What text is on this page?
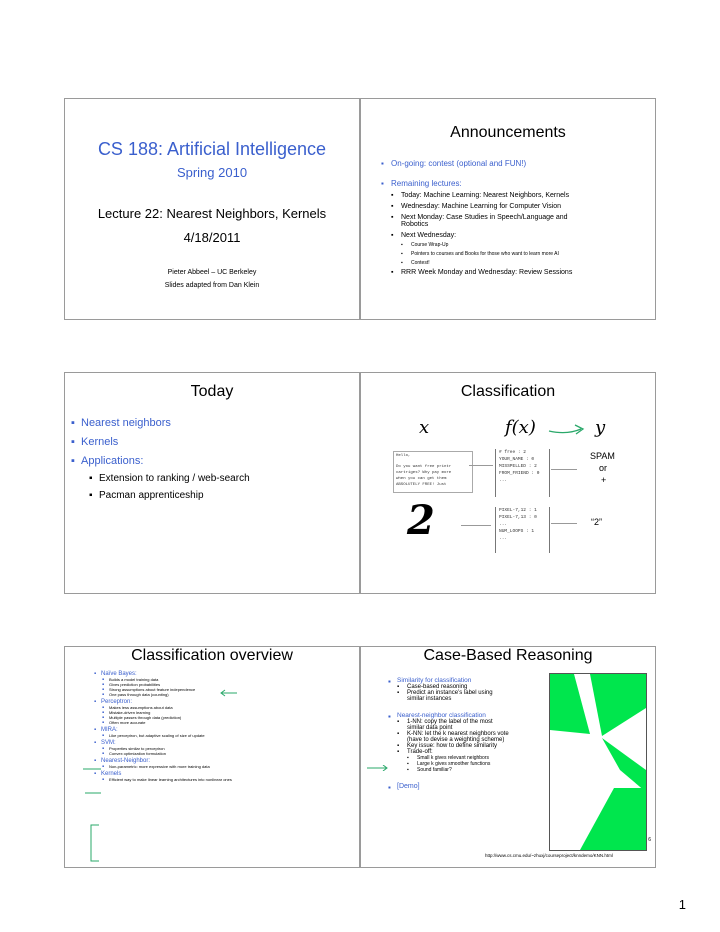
CS 188: Artificial Intelligence
Spring 2010
Lecture 22: Nearest Neighbors, Kernels
4/18/2011
Pieter Abbeel – UC Berkeley
Slides adapted from Dan Klein
Announcements
▪ On-going: contest (optional and FUN!)
▪ Remaining lectures:
▪ Today: Machine Learning: Nearest Neighbors, Kernels
▪ Wednesday: Machine Learning for Computer Vision
▪ Next Monday: Case Studies in Speech/Language and
Robotics
▪ Next Wednesday:
▪ Course Wrap-Up
▪ Pointers to courses and Books for those who want to learn more AI
▪ Contest!
▪ RRR Week Monday and Wednesday: Review Sessions
Today
▪ Nearest neighbors
▪ Kernels
▪ Applications:
▪ Extension to ranking / web-search
▪ Pacman apprenticeship
Classification
x	f(x)	y
Hello,
Do you want free printr
cartriges? Why pay more
when you can get them
ABSOLUTELY FREE! Just
# free : 2
YOUR_NAME : 0
MISSPELLED : 2
FROM_FRIEND : 0
...
SPAM
or
+
2	PIXEL-7,12 : 1
PIXEL-7,13 : 0
...
NUM_LOOPS : 1
...
“2”
Classification overview
▪ Naïve Bayes:
▪ Builds a model training data
▪ Gives prediction probabilities
▪ Strong assumptions about feature independence
▪ One pass through data (counting)
▪ Perceptron:
▪ Makes less assumptions about data
▪ Mistake-driven learning
▪ Multiple passes through data (prediction)
▪ Often more accurate
▪ MIRA:
▪ Like perceptron, but adaptive scaling of size of update
▪ SVM:
▪ Properties similar to perceptron
▪ Convex optimization formulation
▪ Nearest-Neighbor:
▪ Non-parametric: more expressive with more training data
▪ Kernels
▪ Efficient way to make linear learning architectures into nonlinear ones
Case-Based Reasoning
▪ Similarity for classification
▪ Case-based reasoning
▪ Predict an instance’s label using
similar instances
▪ Nearest-neighbor classification
▪ 1-NN: copy the label of the most
similar data point
▪ K-NN: let the k nearest neighbors vote
(have to devise a weighting scheme)
▪ Key issue: how to define similarity
▪ Trade-off:
▪ Small k gives relevant neighbors
▪ Large k gives smoother functions
▪ Sound familiar?
▪ [Demo]
6
http://www.cs.cmu.edu/~zhuxj/courseproject/knndemo/KNN.html
1
